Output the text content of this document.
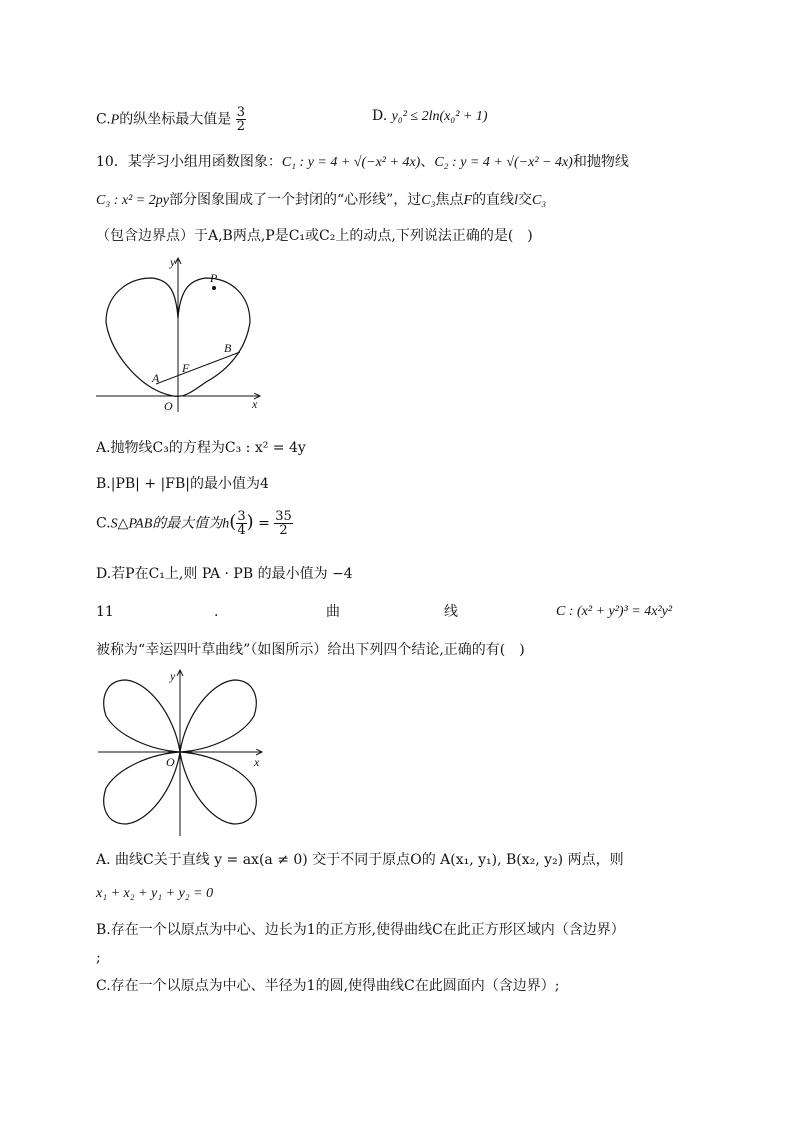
C.P的纵坐标最大值是 $\frac{3}{2}$	D. y₀² ≤ 2ln(x₀² + 1)
10．某学习小组用函数图象：C₁ : y = 4 + √(−x² + 4x)、C₂ : y = 4 + √(−x² − 4x)和抛物线
C₃ : x² = 2py部分图象围成了一个封闭的“心形线”，过C₃焦点F的直线l交C₃
（包含边界点）于A,B两点,P是C₁或C₂上的动点,下列说法正确的是(　)
P
y
x
O
A
B
F
A.抛物线C₃的方程为C₃ : x² = 4y
B.|PB| + |FB|的最小值为4
C.S△PAB的最大值为$h( \frac{3}{4}$ ) = $\frac{35}{2}$
D.若P在C₁上,则 PA · PB 的最小值为 −4
11	.	曲	线	C : (x² + y²)³ = 4x²y²
被称为“幸运四叶草曲线”（如图所示）给出下列四个结论,正确的有(　)
y
x
O
A. 曲线C关于直线 y = ax(a ≠ 0) 交于不同于原点O的 A(x₁, y₁), B(x₂, y₂) 两点，则
x₁ + x₂ + y₁ + y₂ = 0
B.存在一个以原点为中心、边长为1的正方形,使得曲线C在此正方形区域内（含边界）
;
C.存在一个以原点为中心、半径为1的圆,使得曲线C在此圆面内（含边界）;
